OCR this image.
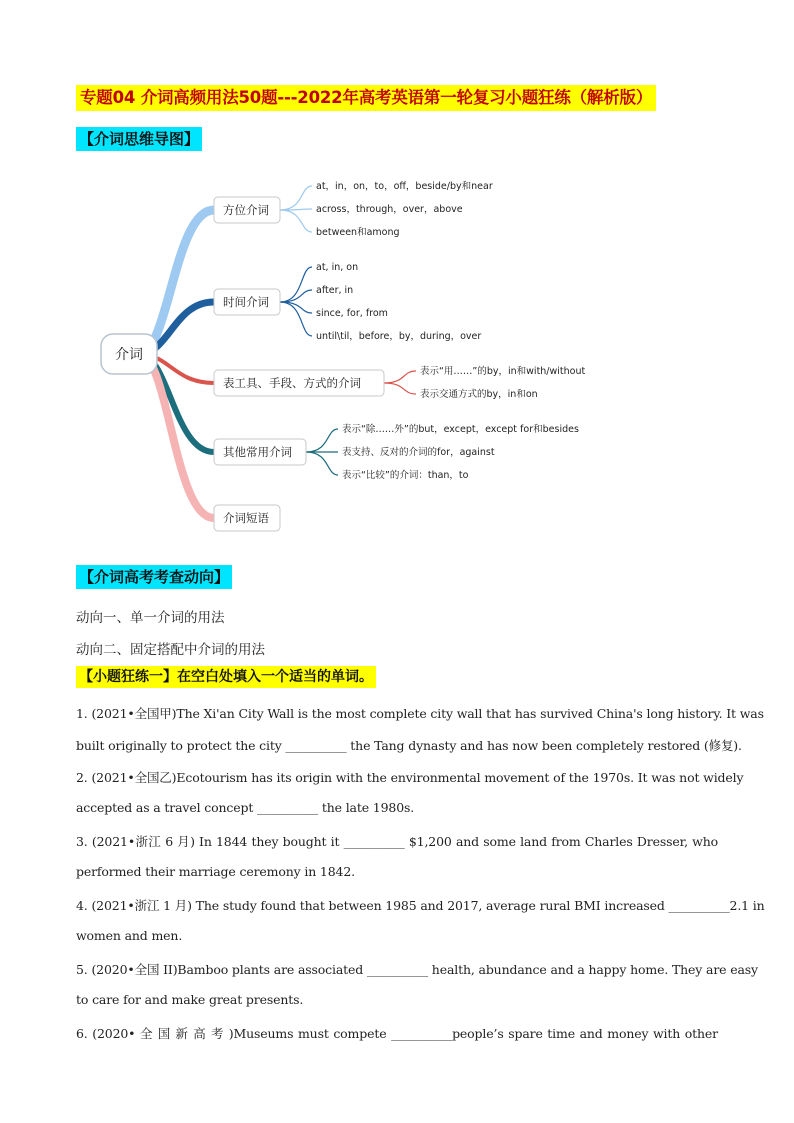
专题04 介词高频用法50题---2022年高考英语第一轮复习小题狂练（解析版）
【介词思维导图】
方位介词
at，in，on，to，off，beside/by和near
across，through，over，above
between和among
时间介词
at, in, on
after, in
since, for, from
until\til，before，by，during，over
表工具、手段、方式的介词
表示“用……”的by，in和with/without
表示交通方式的by，in和on
其他常用介词
表示“除……外”的but，except，except for和besides
表支持、反对的介词的for，against
表示“比较”的介词：than，to
介词短语
介词
【介词高考考查动向】
动向一、单一介词的用法
动向二、固定搭配中介词的用法
【小题狂练一】在空白处填入一个适当的单词。
1. (2021•全国甲)The Xi'an City Wall is the most complete city wall that has survived China's long history. It was
built originally to protect the city __________ the Tang dynasty and has now been completely restored (修复).
2. (2021•全国乙)Ecotourism has its origin with the environmental movement of the 1970s. It was not widely
accepted as a travel concept __________ the late 1980s.
3. (2021•浙江 6 月) In 1844 they bought it __________ $1,200 and some land from Charles Dresser, who
performed their marriage ceremony in 1842.
4. (2021•浙江 1 月) The study found that between 1985 and 2017, average rural BMI increased __________2.1 in
women and men.
5. (2020•全国 II)Bamboo plants are associated __________ health, abundance and a happy home. They are easy
to care for and make great presents.
6. (2020• 全 国 新 高 考 )Museums must compete __________people’s spare time and money with other
